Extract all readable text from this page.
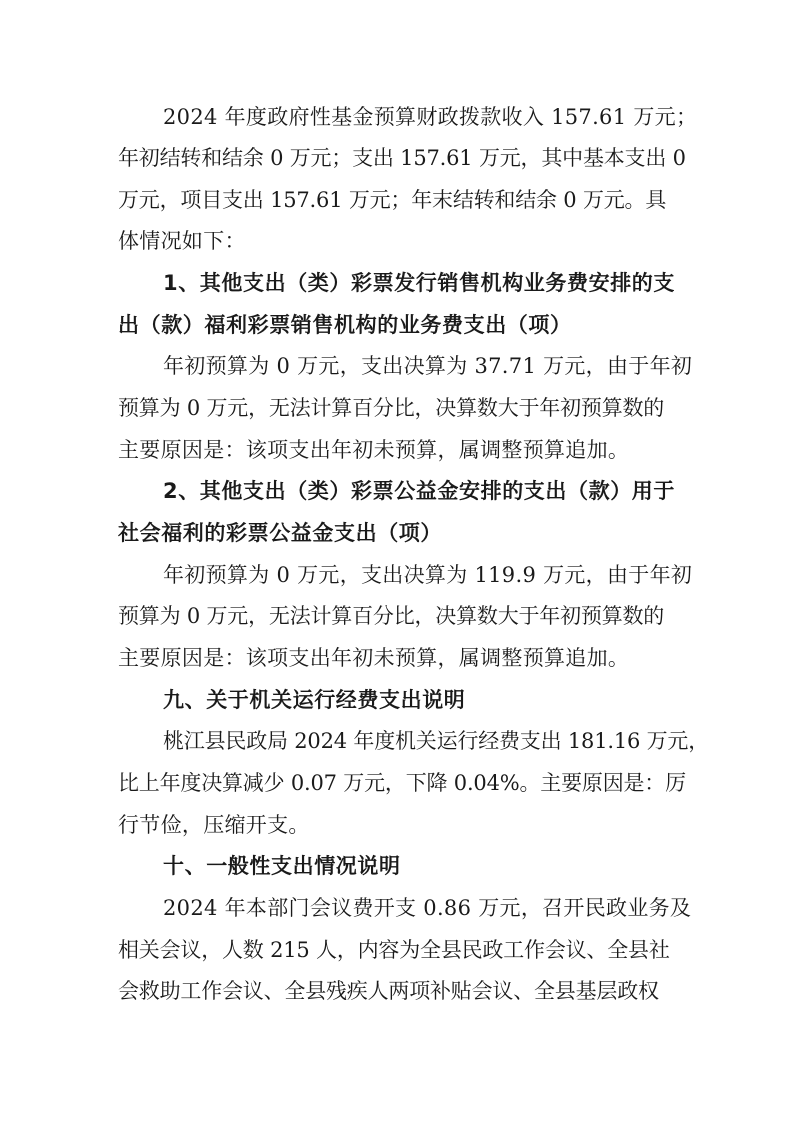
2024 年度政府性基金预算财政拨款收入 157.61 万元；

年初结转和结余 0 万元；支出 157.61 万元，其中基本支出 0

万元，项目支出 157.61 万元；年末结转和结余 0 万元。具

体情况如下：

1、其他支出（类）彩票发行销售机构业务费安排的支

出（款）福利彩票销售机构的业务费支出（项）

年初预算为 0 万元，支出决算为 37.71 万元，由于年初

预算为 0 万元，无法计算百分比，决算数大于年初预算数的

主要原因是：该项支出年初未预算，属调整预算追加。

2、其他支出（类）彩票公益金安排的支出（款）用于

社会福利的彩票公益金支出（项）

年初预算为 0 万元，支出决算为 119.9 万元，由于年初

预算为 0 万元，无法计算百分比，决算数大于年初预算数的

主要原因是：该项支出年初未预算，属调整预算追加。

九、关于机关运行经费支出说明

桃江县民政局 2024 年度机关运行经费支出 181.16 万元，

比上年度决算减少 0.07 万元，下降 0.04%。主要原因是：厉

行节俭，压缩开支。

十、一般性支出情况说明

2024 年本部门会议费开支 0.86 万元，召开民政业务及

相关会议，人数 215 人，内容为全县民政工作会议、全县社

会救助工作会议、全县残疾人两项补贴会议、全县基层政权
